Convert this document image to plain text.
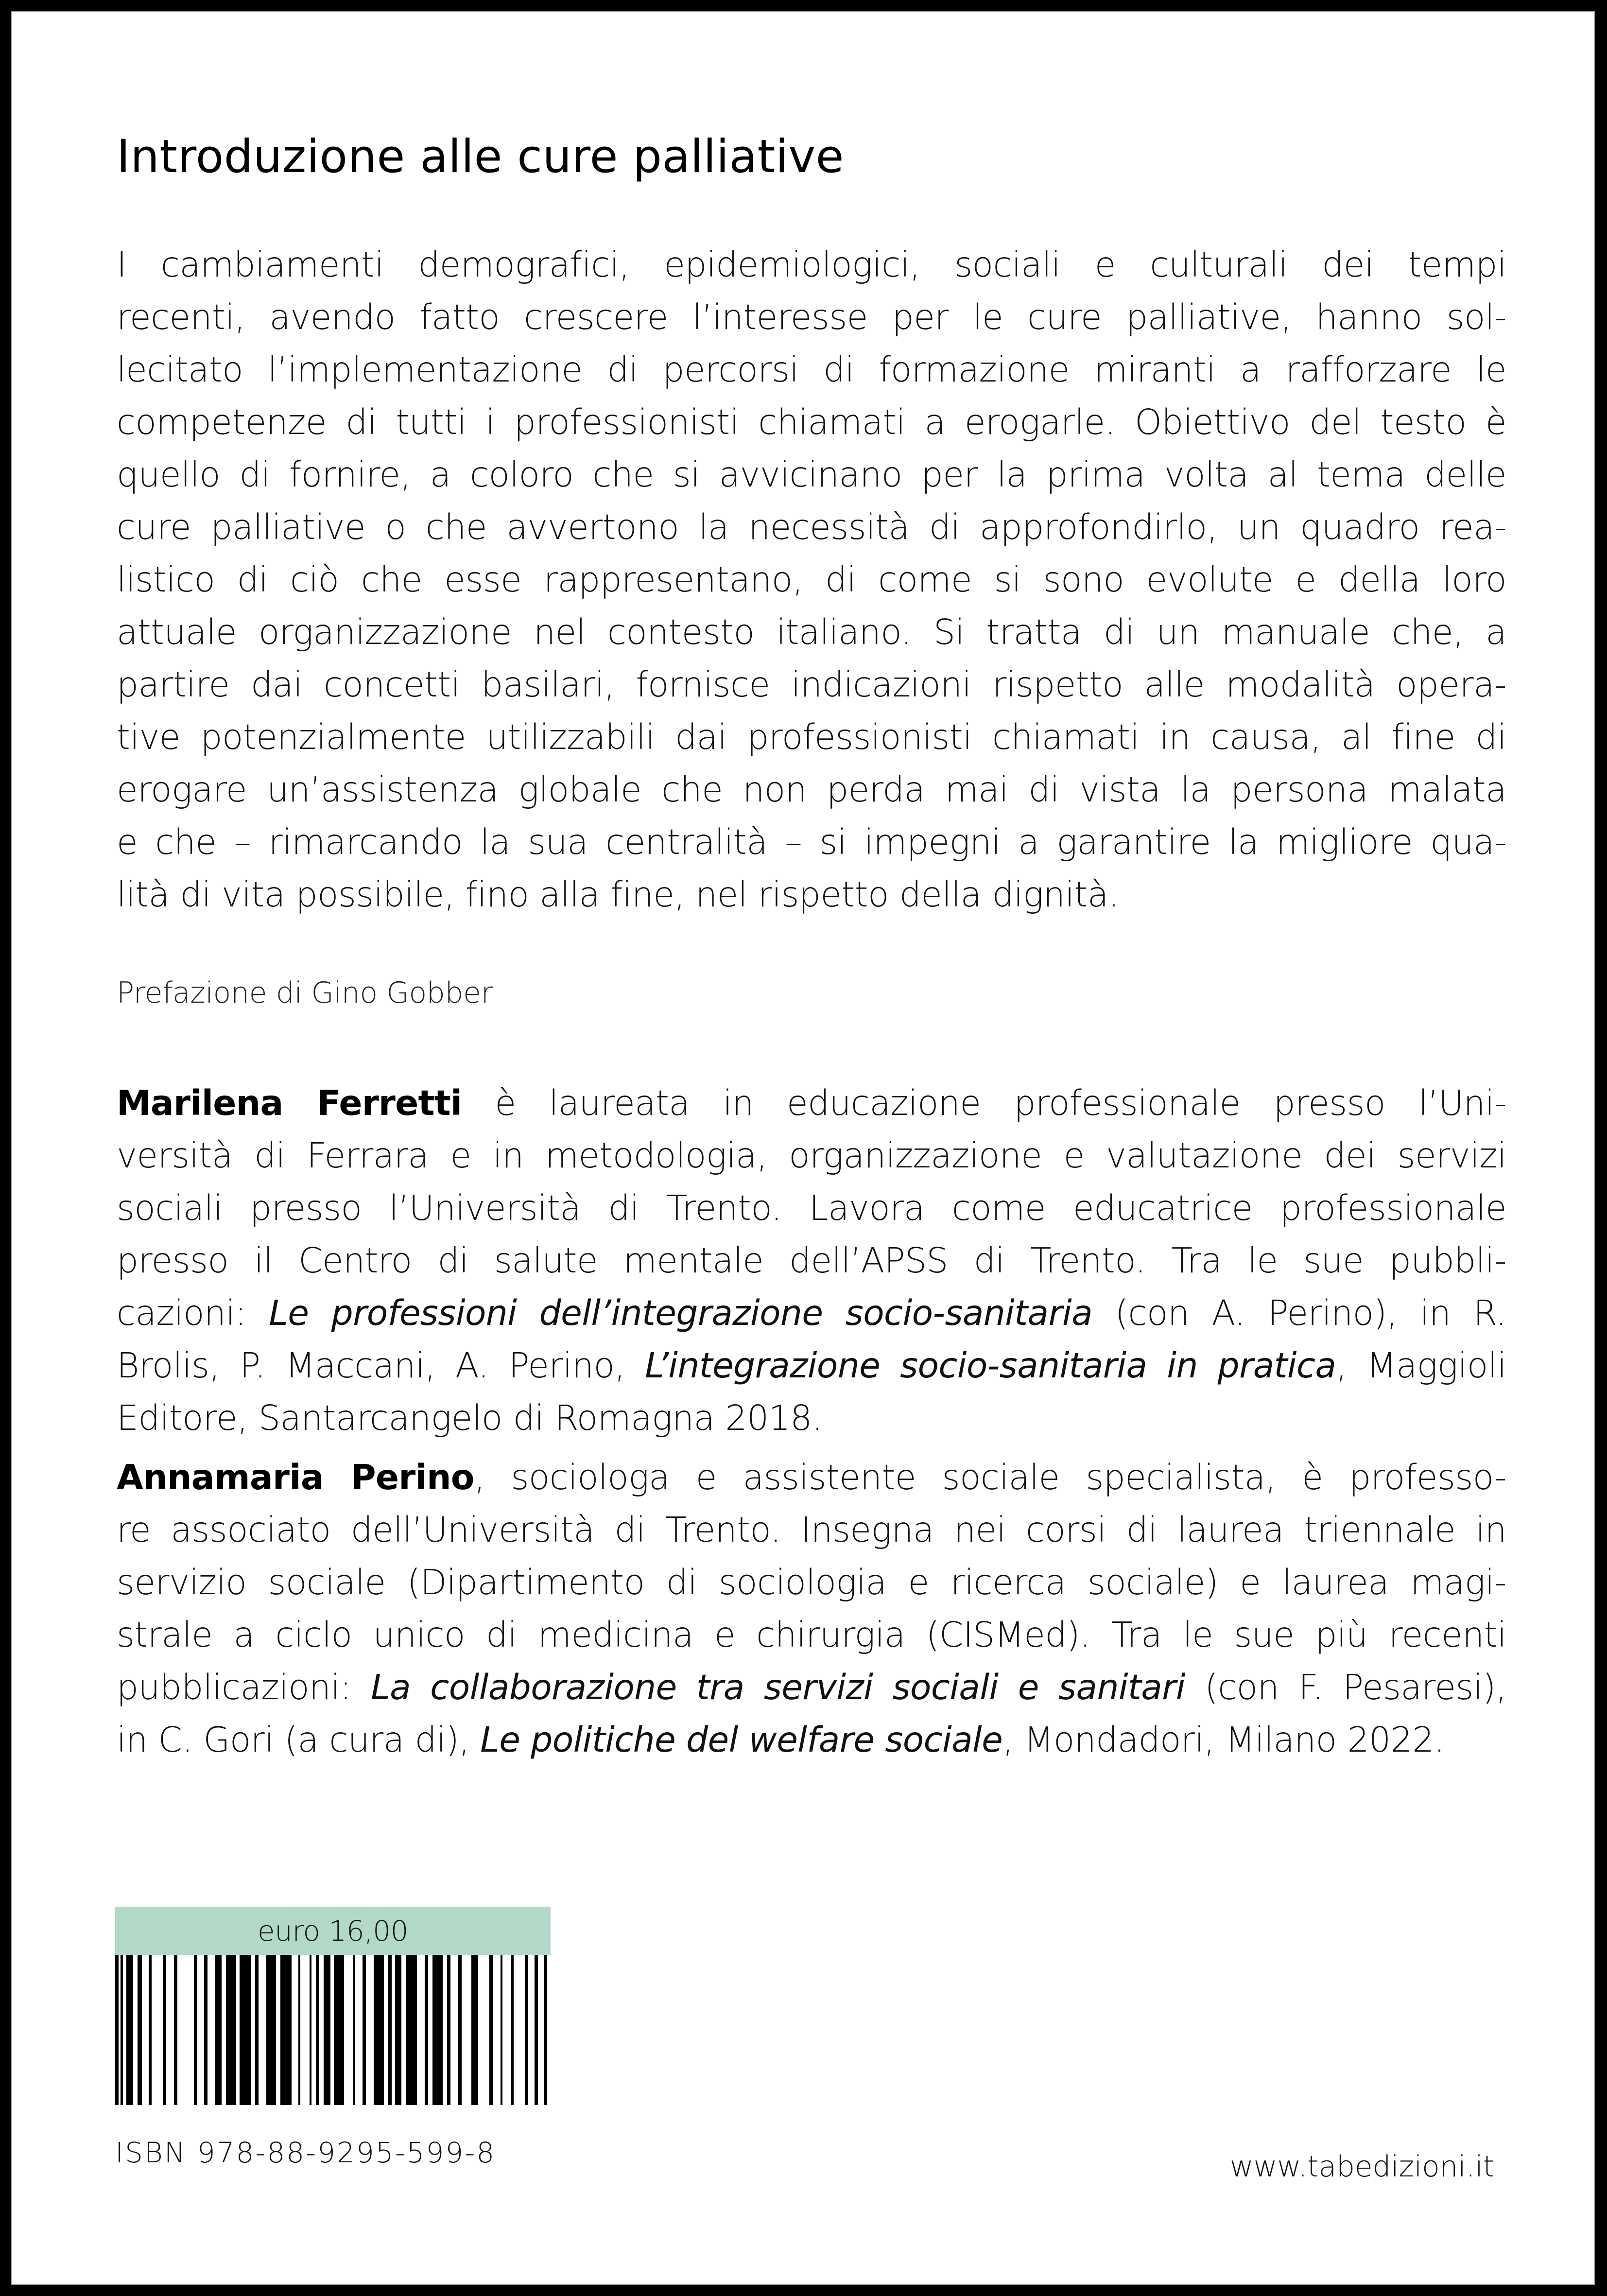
Introduzione alle cure palliative
I cambiamenti demografici, epidemiologici, sociali e culturali dei tempi
recenti, avendo fatto crescere l’interesse per le cure palliative, hanno sol-
lecitato l’implementazione di percorsi di formazione miranti a rafforzare le
competenze di tutti i professionisti chiamati a erogarle. Obiettivo del testo è
quello di fornire, a coloro che si avvicinano per la prima volta al tema delle
cure palliative o che avvertono la necessità di approfondirlo, un quadro rea-
listico di ciò che esse rappresentano, di come si sono evolute e della loro
attuale organizzazione nel contesto italiano. Si tratta di un manuale che, a
partire dai concetti basilari, fornisce indicazioni rispetto alle modalità opera-
tive potenzialmente utilizzabili dai professionisti chiamati in causa, al fine di
erogare un’assistenza globale che non perda mai di vista la persona malata
e che – rimarcando la sua centralità – si impegni a garantire la migliore qua-
lità di vita possibile, fino alla fine, nel rispetto della dignità.
Prefazione di Gino Gobber
Marilena Ferretti è laureata in educazione professionale presso l’Uni-
versità di Ferrara e in metodologia, organizzazione e valutazione dei servizi
sociali presso l’Università di Trento. Lavora come educatrice professionale
presso il Centro di salute mentale dell’APSS di Trento. Tra le sue pubbli-
cazioni: Le professioni dell’integrazione socio-sanitaria (con A. Perino), in R.
Brolis, P. Maccani, A. Perino, L’integrazione socio-sanitaria in pratica, Maggioli
Editore, Santarcangelo di Romagna 2018.
Annamaria Perino, sociologa e assistente sociale specialista, è professo-
re associato dell’Università di Trento. Insegna nei corsi di laurea triennale in
servizio sociale (Dipartimento di sociologia e ricerca sociale) e laurea magi-
strale a ciclo unico di medicina e chirurgia (CISMed). Tra le sue più recenti
pubblicazioni: La collaborazione tra servizi sociali e sanitari (con F. Pesaresi),
in C. Gori (a cura di), Le politiche del welfare sociale, Mondadori, Milano 2022.
euro 16,00
ISBN 978-88-9295-599-8	www.tabedizioni.it
